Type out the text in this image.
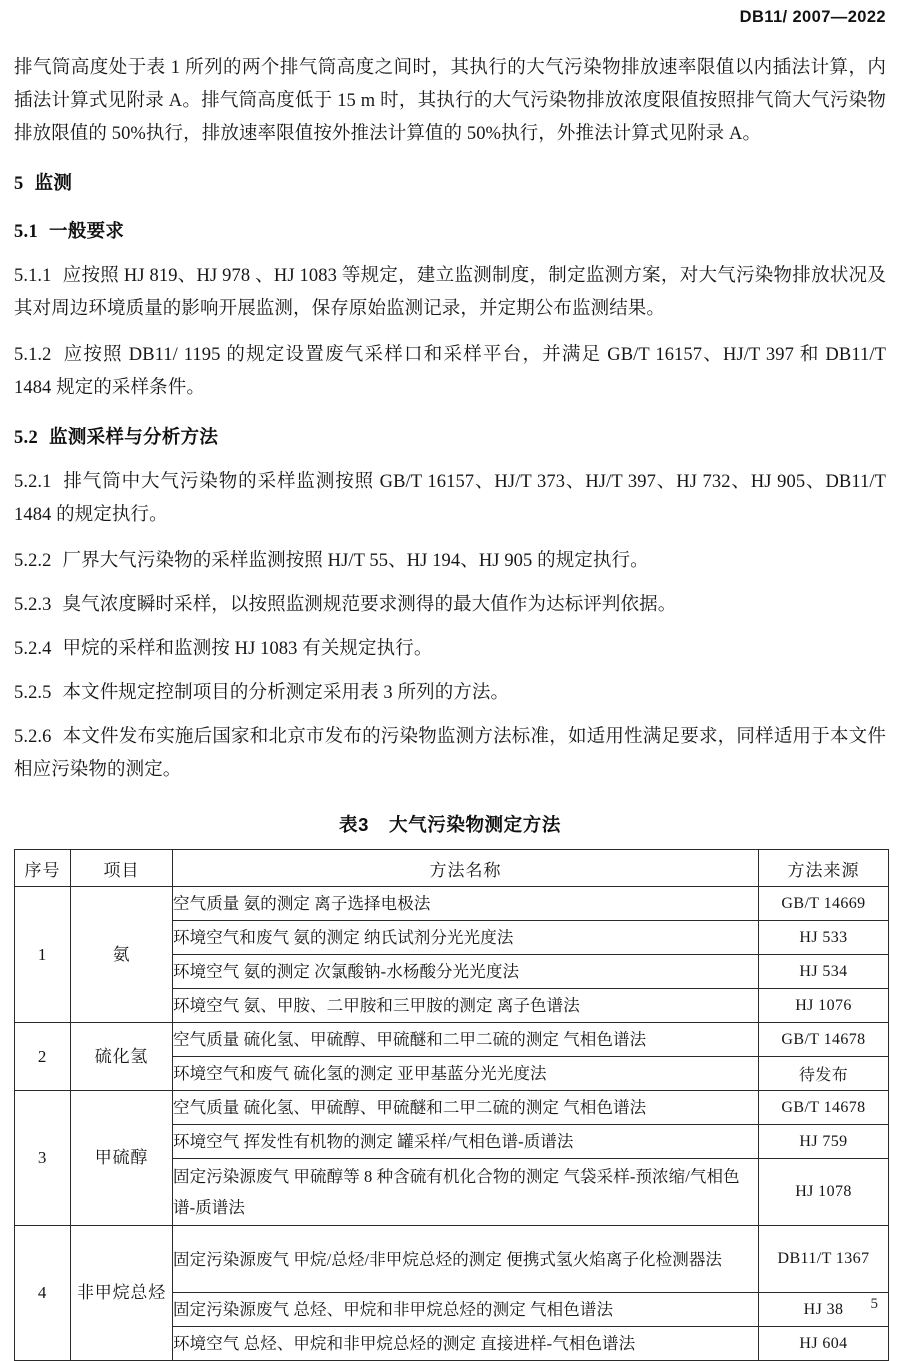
DB11/ 2007—2022

排气筒高度处于表 1 所列的两个排气筒高度之间时，其执行的大气污染物排放速率限值以内插法计算，内插法计算式见附录 A。排气筒高度低于 15 m 时，其执行的大气污染物排放浓度限值按照排气筒大气污染物排放限值的 50%执行，排放速率限值按外推法计算值的 50%执行，外推法计算式见附录 A。

5 监测
5.1 一般要求

5.1.1 应按照 HJ 819、HJ 978 、HJ 1083 等规定，建立监测制度，制定监测方案，对大气污染物排放状况及其对周边环境质量的影响开展监测，保存原始监测记录，并定期公布监测结果。

5.1.2 应按照 DB11/ 1195 的规定设置废气采样口和采样平台，并满足 GB/T 16157、HJ/T 397 和 DB11/T 1484 规定的采样条件。

5.2 监测采样与分析方法

5.2.1 排气筒中大气污染物的采样监测按照 GB/T 16157、HJ/T 373、HJ/T 397、HJ 732、HJ 905、DB11/T 1484 的规定执行。

5.2.2 厂界大气污染物的采样监测按照 HJ/T 55、HJ 194、HJ 905 的规定执行。

5.2.3 臭气浓度瞬时采样，以按照监测规范要求测得的最大值作为达标评判依据。

5.2.4 甲烷的采样和监测按 HJ 1083 有关规定执行。

5.2.5 本文件规定控制项目的分析测定采用表 3 所列的方法。

5.2.6 本文件发布实施后国家和北京市发布的污染物监测方法标准，如适用性满足要求，同样适用于本文件相应污染物的测定。

表3 大气污染物测定方法
序号	项目	方法名称	方法来源
1	氨	空气质量 氨的测定 离子选择电极法	GB/T 14669
		环境空气和废气 氨的测定 纳氏试剂分光光度法	HJ 533
		环境空气 氨的测定 次氯酸钠-水杨酸分光光度法	HJ 534
		环境空气 氨、甲胺、二甲胺和三甲胺的测定 离子色谱法	HJ 1076
2	硫化氢	空气质量 硫化氢、甲硫醇、甲硫醚和二甲二硫的测定 气相色谱法	GB/T 14678
		环境空气和废气 硫化氢的测定 亚甲基蓝分光光度法	待发布
3	甲硫醇	空气质量 硫化氢、甲硫醇、甲硫醚和二甲二硫的测定 气相色谱法	GB/T 14678
		环境空气 挥发性有机物的测定 罐采样/气相色谱-质谱法	HJ 759
		固定污染源废气 甲硫醇等 8 种含硫有机化合物的测定 气袋采样-预浓缩/气相色谱-质谱法	HJ 1078
4	非甲烷总烃	固定污染源废气 甲烷/总烃/非甲烷总烃的测定 便携式氢火焰离子化检测器法	DB11/T 1367
		固定污染源废气 总烃、甲烷和非甲烷总烃的测定 气相色谱法	HJ 38
		环境空气 总烃、甲烷和非甲烷总烃的测定 直接进样-气相色谱法	HJ 604
5
